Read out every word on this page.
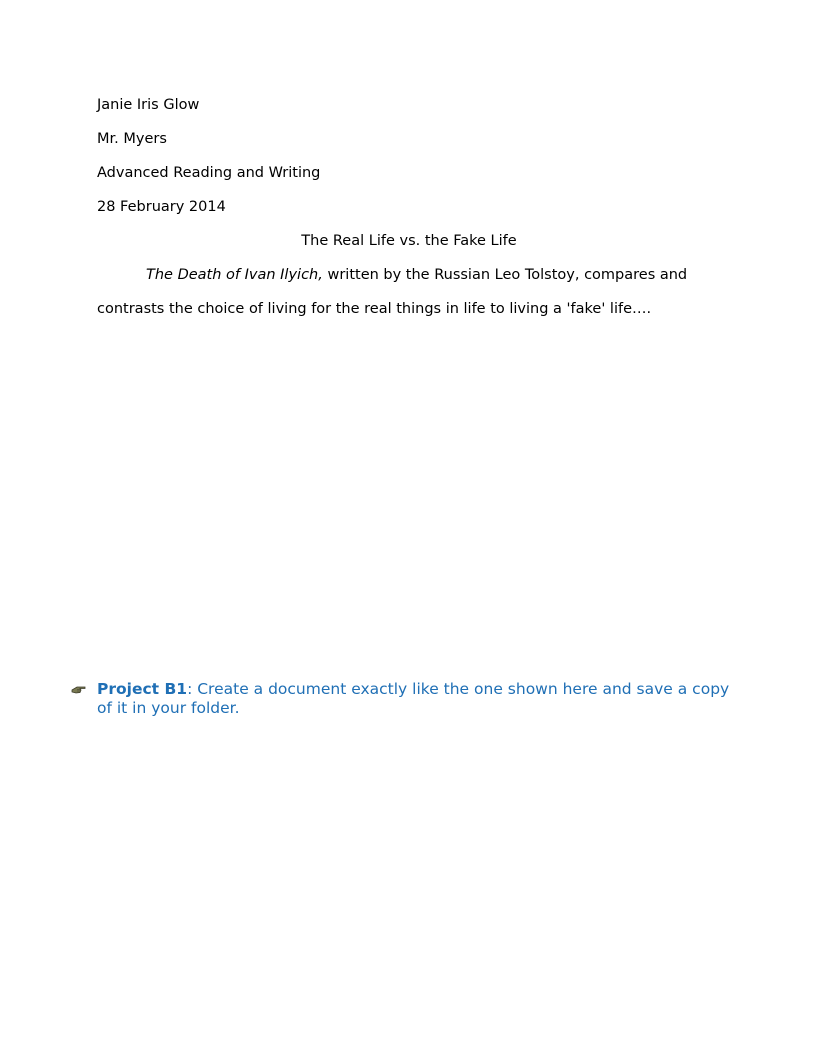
Janie Iris Glow
Mr. Myers
Advanced Reading and Writing
28 February 2014
The Real Life vs. the Fake Life
The Death of Ivan Ilyich, written by the Russian Leo Tolstoy, compares and
contrasts the choice of living for the real things in life to living a 'fake' life….
Project B1: Create a document exactly like the one shown here and save a copy of it in your folder.
